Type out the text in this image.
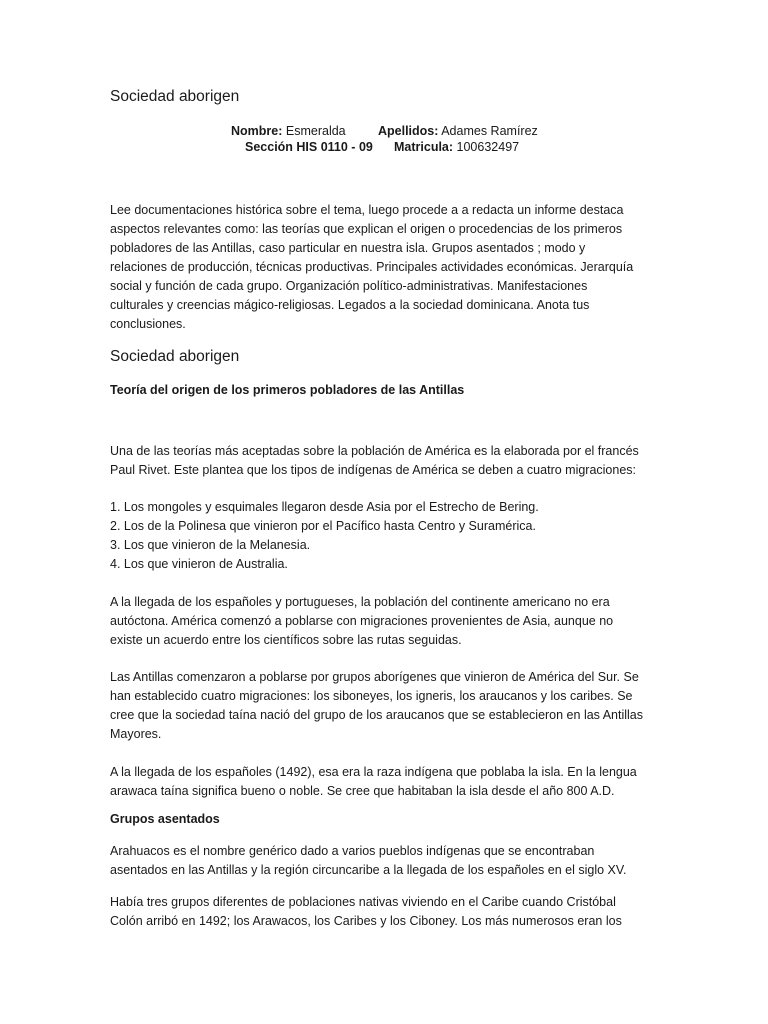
Sociedad aborigen
Nombre: Esmeralda	Apellidos: Adames Ramírez
Sección HIS 0110 - 09 Matricula: 100632497
Lee documentaciones histórica sobre el tema, luego procede a a redacta un informe destaca
aspectos relevantes como: las teorías que explican el origen o procedencias de los primeros
pobladores de las Antillas, caso particular en nuestra isla. Grupos asentados ; modo y
relaciones de producción, técnicas productivas. Principales actividades económicas. Jerarquía
social y función de cada grupo. Organización político-administrativas. Manifestaciones
culturales y creencias mágico-religiosas. Legados a la sociedad dominicana. Anota tus
conclusiones.
Sociedad aborigen
Teoría del origen de los primeros pobladores de las Antillas
Una de las teorías más aceptadas sobre la población de América es la elaborada por el francés
Paul Rivet. Este plantea que los tipos de indígenas de América se deben a cuatro migraciones:
1. Los mongoles y esquimales llegaron desde Asia por el Estrecho de Bering.
2. Los de la Polinesa que vinieron por el Pacífico hasta Centro y Suramérica.
3. Los que vinieron de la Melanesia.
4. Los que vinieron de Australia.
A la llegada de los españoles y portugueses, la población del continente americano no era
autóctona. América comenzó a poblarse con migraciones provenientes de Asia, aunque no
existe un acuerdo entre los científicos sobre las rutas seguidas.
Las Antillas comenzaron a poblarse por grupos aborígenes que vinieron de América del Sur. Se
han establecido cuatro migraciones: los siboneyes, los igneris, los araucanos y los caribes. Se
cree que la sociedad taína nació del grupo de los araucanos que se establecieron en las Antillas
Mayores.
A la llegada de los españoles (1492), esa era la raza indígena que poblaba la isla. En la lengua
arawaca taína significa bueno o noble. Se cree que habitaban la isla desde el año 800 A.D.
Grupos asentados
Arahuacos es el nombre genérico dado a varios pueblos indígenas que se encontraban
asentados en las Antillas y la región circuncaribe a la llegada de los españoles en el siglo XV.
Había tres grupos diferentes de poblaciones nativas viviendo en el Caribe cuando Cristóbal
Colón arribó en 1492; los Arawacos, los Caribes y los Ciboney. Los más numerosos eran los
